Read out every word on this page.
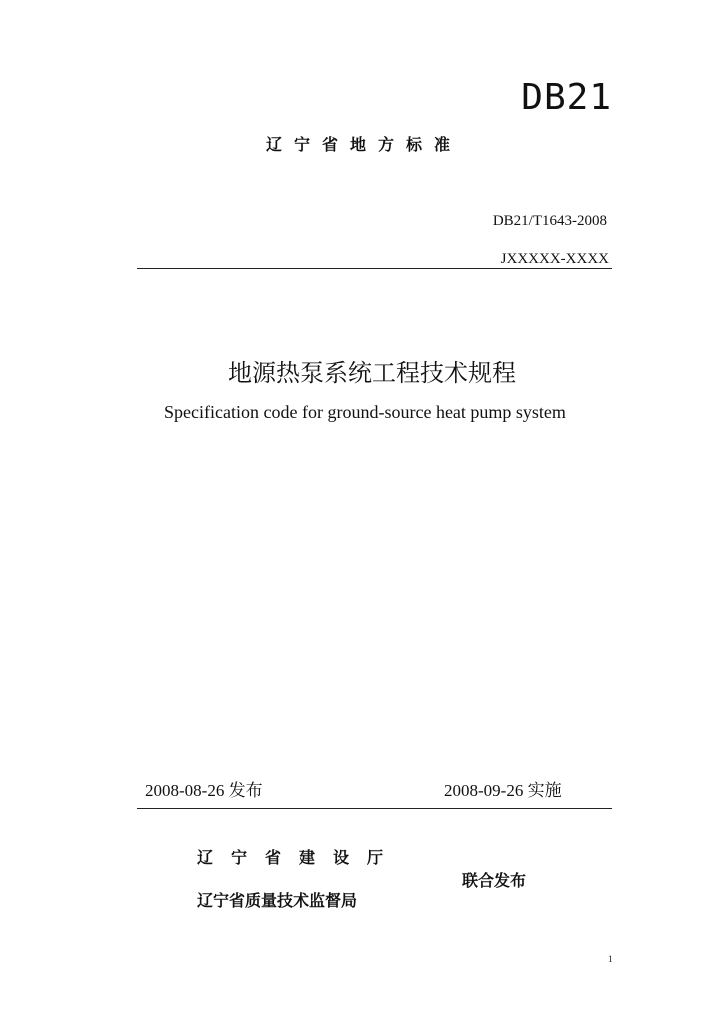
DB21
辽宁省地方标准
DB21/T1643-2008
JXXXXX-XXXX
地源热泵系统工程技术规程
Specification code for ground-source heat pump system
2008-08-26 发布	2008-09-26 实施
辽宁省建设厅
辽宁省质量技术监督局
联合发布
1
